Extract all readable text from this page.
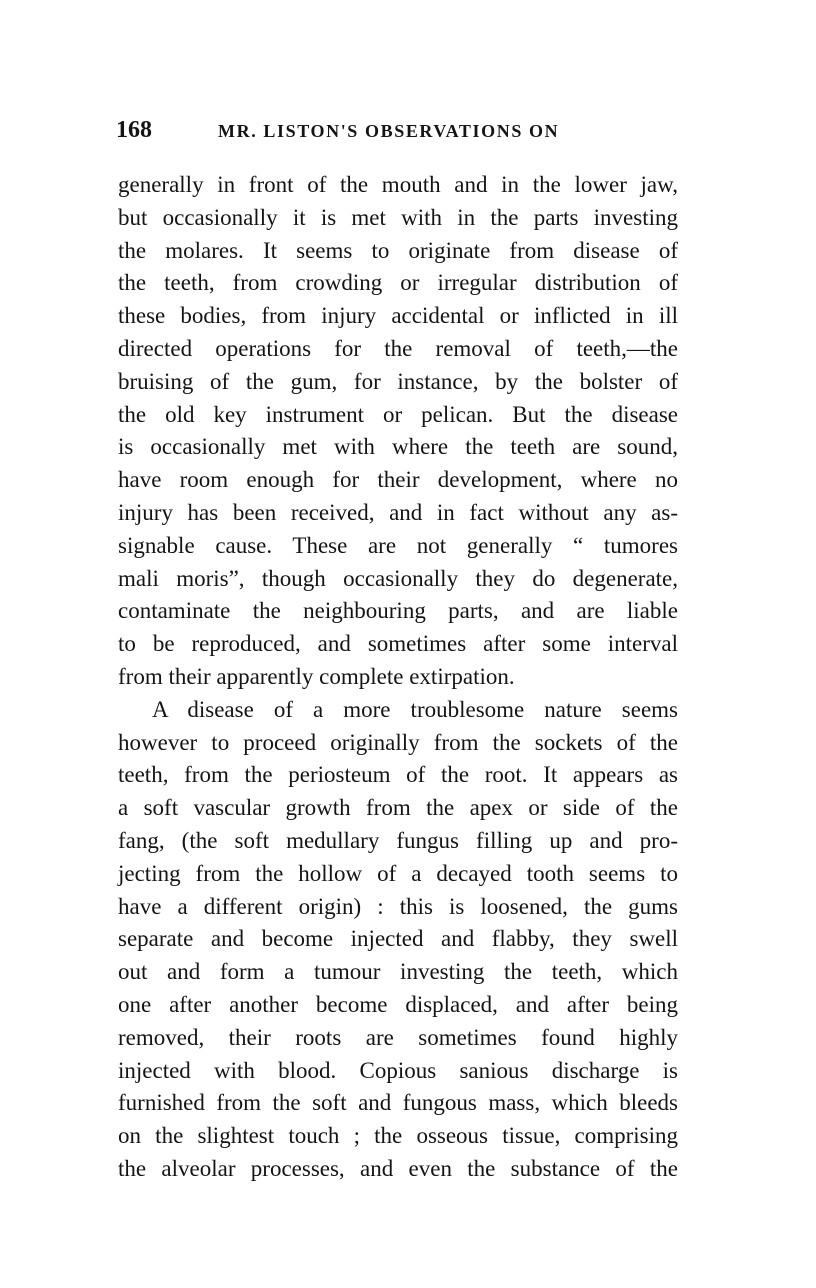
168	MR. LISTON'S OBSERVATIONS ON
generally in front of the mouth and in the lower jaw,
but occasionally it is met with in the parts investing
the molares. It seems to originate from disease of
the teeth, from crowding or irregular distribution of
these bodies, from injury accidental or inflicted in ill
directed operations for the removal of teeth,—the
bruising of the gum, for instance, by the bolster of
the old key instrument or pelican. But the disease
is occasionally met with where the teeth are sound,
have room enough for their development, where no
injury has been received, and in fact without any as-
signable cause. These are not generally “ tumores
mali moris”, though occasionally they do degenerate,
contaminate the neighbouring parts, and are liable
to be reproduced, and sometimes after some interval
from their apparently complete extirpation.
A disease of a more troublesome nature seems
however to proceed originally from the sockets of the
teeth, from the periosteum of the root. It appears as
a soft vascular growth from the apex or side of the
fang, (the soft medullary fungus filling up and pro-
jecting from the hollow of a decayed tooth seems to
have a different origin) : this is loosened, the gums
separate and become injected and flabby, they swell
out and form a tumour investing the teeth, which
one after another become displaced, and after being
removed, their roots are sometimes found highly
injected with blood. Copious sanious discharge is
furnished from the soft and fungous mass, which bleeds
on the slightest touch ; the osseous tissue, comprising
the alveolar processes, and even the substance of the
